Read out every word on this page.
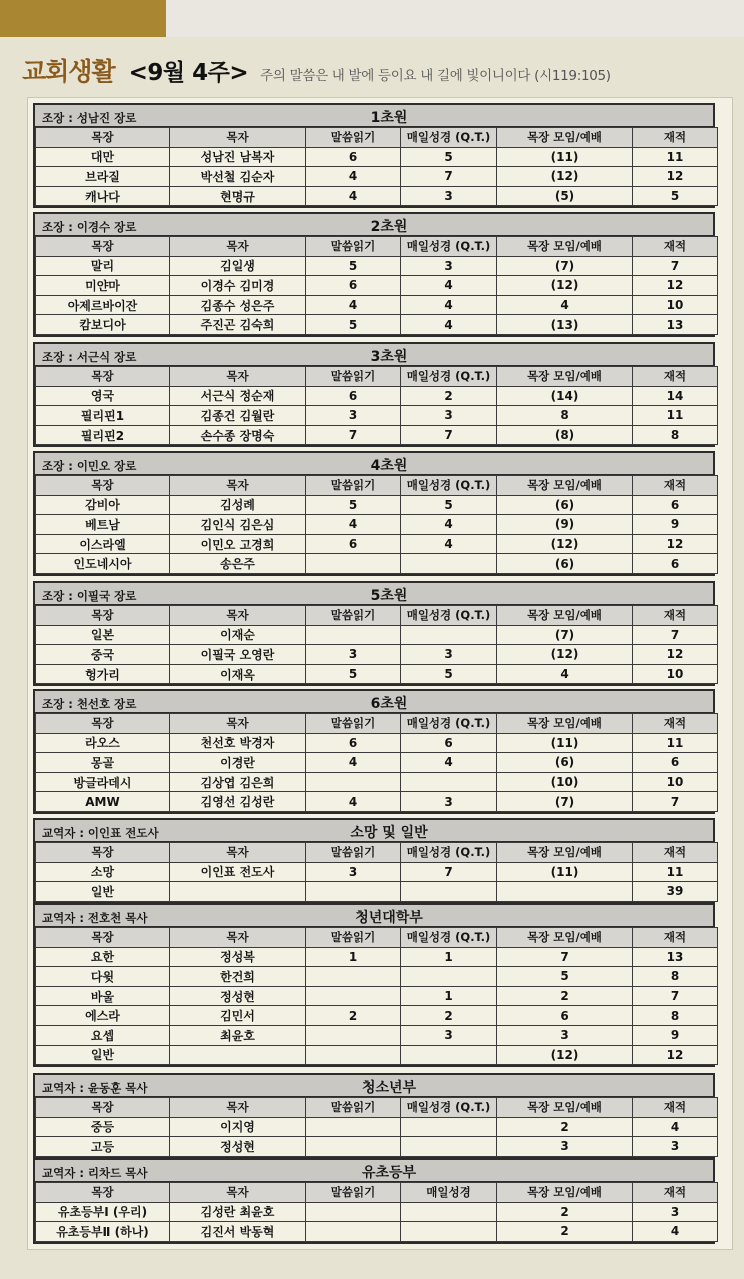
교회생활 <9월 4주> 주의 말씀은 내 발에 등이요 내 길에 빛이니이다 (시119:105)
조장 : 성남진 장로	1초원
목장	목자	말씀읽기	매일성경 (Q.T.)	목장 모임/예배	재적
대만	성남진 남복자	6	5	(11)	11
브라질	박선철 김순자	4	7	(12)	12
캐나다	현명규	4	3	(5)	5
조장 : 이경수 장로	2초원
목장	목자	말씀읽기	매일성경 (Q.T.)	목장 모임/예배	재적
말리	김일생	5	3	(7)	7
미얀마	이경수 김미경	6	4	(12)	12
아제르바이잔	김종수 성은주	4	4	4	10
캄보디아	주진곤 김숙희	5	4	(13)	13
조장 : 서근식 장로	3초원
목장	목자	말씀읽기	매일성경 (Q.T.)	목장 모임/예배	재적
영국	서근식 정순재	6	2	(14)	14
필리핀1	김종건 김월란	3	3	8	11
필리핀2	손수종 장명숙	7	7	(8)	8
조장 : 이민오 장로	4초원
목장	목자	말씀읽기	매일성경 (Q.T.)	목장 모임/예배	재적
감비아	김성례	5	5	(6)	6
베트남	김인식 김은심	4	4	(9)	9
이스라엘	이민오 고경희	6	4	(12)	12
인도네시아	송은주			(6)	6
조장 : 이필국 장로	5초원
목장	목자	말씀읽기	매일성경 (Q.T.)	목장 모임/예배	재적
일본	이재순			(7)	7
중국	이필국 오영란	3	3	(12)	12
헝가리	이재옥	5	5	4	10
조장 : 천선호 장로	6초원
목장	목자	말씀읽기	매일성경 (Q.T.)	목장 모임/예배	재적
라오스	천선호 박경자	6	6	(11)	11
몽골	이경란	4	4	(6)	6
방글라데시	김상엽 김은희			(10)	10
AMW	김영선 김성란	4	3	(7)	7
교역자 : 이인표 전도사	소망 및 일반
목장	목자	말씀읽기	매일성경 (Q.T.)	목장 모임/예배	재적
소망	이인표 전도사	3	7	(11)	11
일반					39
교역자 : 전호천 목사	청년대학부
목장	목자	말씀읽기	매일성경 (Q.T.)	목장 모임/예배	재적
요한	정성복	1	1	7	13
다윗	한건희			5	8
바울	정성현		1	2	7
에스라	김민서	2	2	6	8
요셉	최윤호		3	3	9
일반				(12)	12
교역자 : 윤동훈 목사	청소년부
목장	목자	말씀읽기	매일성경 (Q.T.)	목장 모임/예배	재적
중등	이지영			2	4
고등	정성현			3	3
교역자 : 리차드 목사	유초등부
목장	목자	말씀읽기	매일성경	목장 모임/예배	재적
유초등부Ⅰ (우리)	김성란 최윤호			2	3
유초등부Ⅱ (하나)	김진서 박동혁			2	4
